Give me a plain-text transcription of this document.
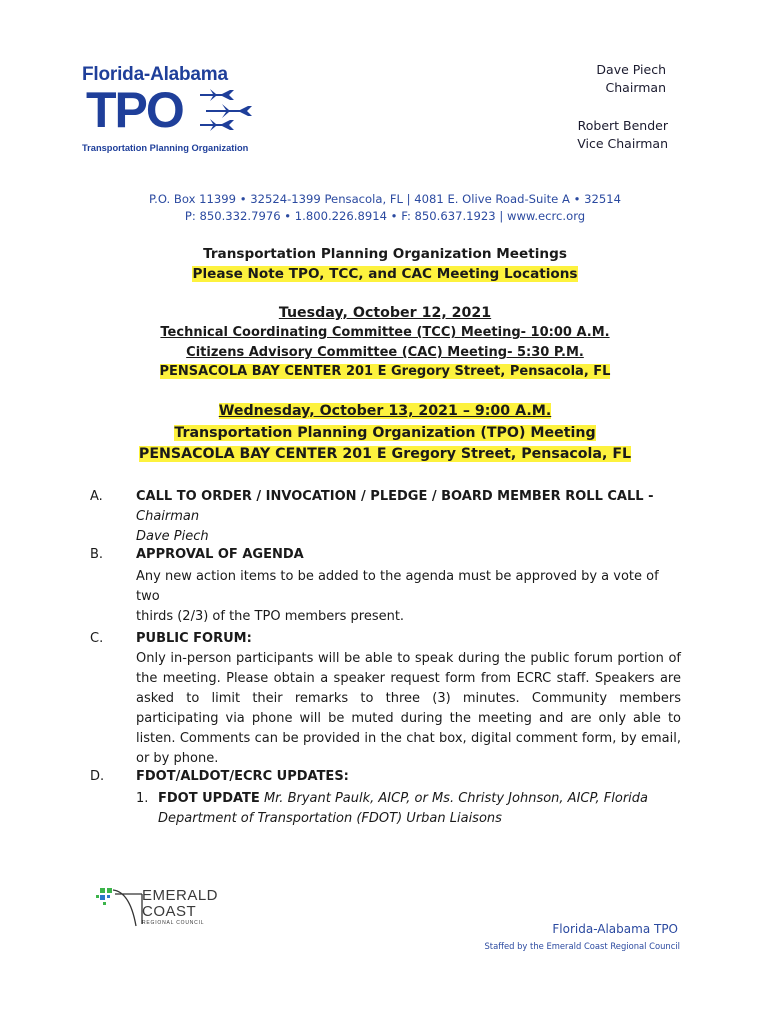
Florida-Alabama
TPO
Transportation Planning Organization
Dave Piech
Chairman
Robert Bender
Vice Chairman
P.O. Box 11399 • 32524-1399 Pensacola, FL | 4081 E. Olive Road-Suite A • 32514
P: 850.332.7976 • 1.800.226.8914 • F: 850.637.1923 | www.ecrc.org
Transportation Planning Organization Meetings
Please Note TPO, TCC, and CAC Meeting Locations
Tuesday, October 12, 2021
Technical Coordinating Committee (TCC) Meeting- 10:00 A.M.
Citizens Advisory Committee (CAC) Meeting- 5:30 P.M.
PENSACOLA BAY CENTER 201 E Gregory Street, Pensacola, FL
Wednesday, October 13, 2021 – 9:00 A.M.
Transportation Planning Organization (TPO) Meeting
PENSACOLA BAY CENTER 201 E Gregory Street, Pensacola, FL
A.	CALL TO ORDER / INVOCATION / PLEDGE / BOARD MEMBER ROLL CALL - Chairman
Dave Piech
B.	APPROVAL OF AGENDA
Any new action items to be added to the agenda must be approved by a vote of two
thirds (2/3) of the TPO members present.
C.	PUBLIC FORUM:
Only in-person participants will be able to speak during the public forum portion of the meeting. Please obtain a speaker request form from ECRC staff. Speakers are asked to limit their remarks to three (3) minutes. Community members participating via phone will be muted during the meeting and are only able to listen. Comments can be provided in the chat box, digital comment form, by email, or by phone.
D. FDOT/ALDOT/ECRC UPDATES:
1. FDOT UPDATE Mr. Bryant Paulk, AICP, or Ms. Christy Johnson, AICP, Florida
Department of Transportation (FDOT) Urban Liaisons
EMERALD
COAST
REGIONAL COUNCIL	Florida-Alabama TPO
Staffed by the Emerald Coast Regional Council
